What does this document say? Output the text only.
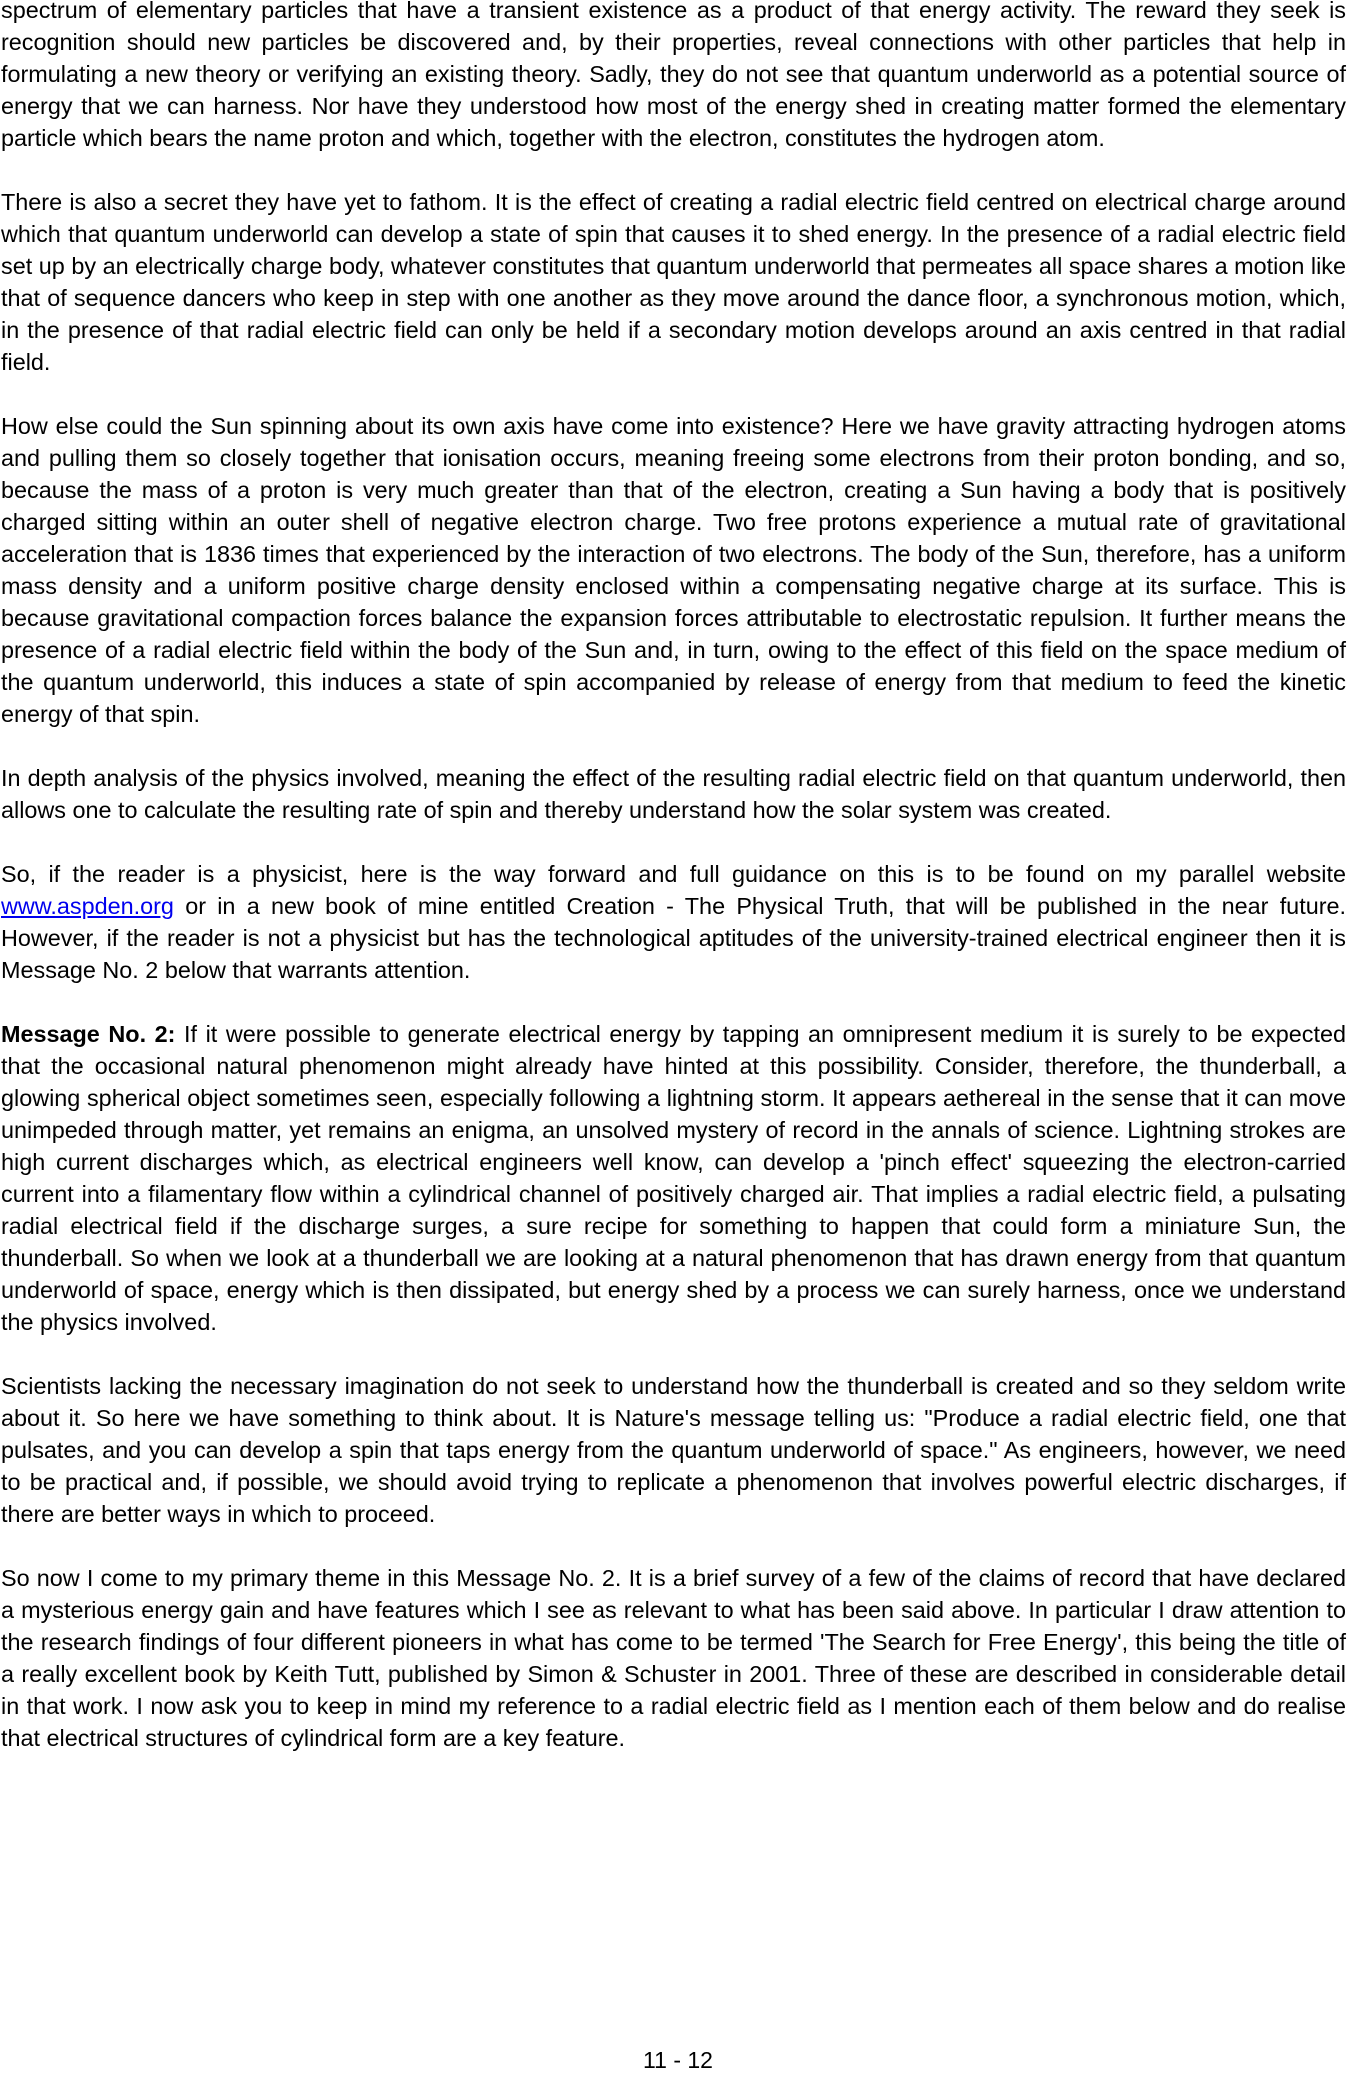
spectrum of elementary particles that have a transient existence as a product of that energy activity. The reward they seek is recognition should new particles be discovered and, by their properties, reveal connections with other particles that help in formulating a new theory or verifying an existing theory. Sadly, they do not see that quantum underworld as a potential source of energy that we can harness. Nor have they understood how most of the energy shed in creating matter formed the elementary particle which bears the name proton and which, together with the electron, constitutes the hydrogen atom.

There is also a secret they have yet to fathom. It is the effect of creating a radial electric field centred on electrical charge around which that quantum underworld can develop a state of spin that causes it to shed energy. In the presence of a radial electric field set up by an electrically charge body, whatever constitutes that quantum underworld that permeates all space shares a motion like that of sequence dancers who keep in step with one another as they move around the dance floor, a synchronous motion, which, in the presence of that radial electric field can only be held if a secondary motion develops around an axis centred in that radial field.

How else could the Sun spinning about its own axis have come into existence? Here we have gravity attracting hydrogen atoms and pulling them so closely together that ionisation occurs, meaning freeing some electrons from their proton bonding, and so, because the mass of a proton is very much greater than that of the electron, creating a Sun having a body that is positively charged sitting within an outer shell of negative electron charge. Two free protons experience a mutual rate of gravitational acceleration that is 1836 times that experienced by the interaction of two electrons. The body of the Sun, therefore, has a uniform mass density and a uniform positive charge density enclosed within a compensating negative charge at its surface. This is because gravitational compaction forces balance the expansion forces attributable to electrostatic repulsion. It further means the presence of a radial electric field within the body of the Sun and, in turn, owing to the effect of this field on the space medium of the quantum underworld, this induces a state of spin accompanied by release of energy from that medium to feed the kinetic energy of that spin.

In depth analysis of the physics involved, meaning the effect of the resulting radial electric field on that quantum underworld, then allows one to calculate the resulting rate of spin and thereby understand how the solar system was created.

So, if the reader is a physicist, here is the way forward and full guidance on this is to be found on my parallel website www.aspden.org or in a new book of mine entitled Creation - The Physical Truth, that will be published in the near future. However, if the reader is not a physicist but has the technological aptitudes of the university-trained electrical engineer then it is Message No. 2 below that warrants attention.

Message No. 2: If it were possible to generate electrical energy by tapping an omnipresent medium it is surely to be expected that the occasional natural phenomenon might already have hinted at this possibility. Consider, therefore, the thunderball, a glowing spherical object sometimes seen, especially following a lightning storm. It appears aethereal in the sense that it can move unimpeded through matter, yet remains an enigma, an unsolved mystery of record in the annals of science. Lightning strokes are high current discharges which, as electrical engineers well know, can develop a 'pinch effect' squeezing the electron-carried current into a filamentary flow within a cylindrical channel of positively charged air. That implies a radial electric field, a pulsating radial electrical field if the discharge surges, a sure recipe for something to happen that could form a miniature Sun, the thunderball. So when we look at a thunderball we are looking at a natural phenomenon that has drawn energy from that quantum underworld of space, energy which is then dissipated, but energy shed by a process we can surely harness, once we understand the physics involved.

Scientists lacking the necessary imagination do not seek to understand how the thunderball is created and so they seldom write about it. So here we have something to think about. It is Nature's message telling us: "Produce a radial electric field, one that pulsates, and you can develop a spin that taps energy from the quantum underworld of space." As engineers, however, we need to be practical and, if possible, we should avoid trying to replicate a phenomenon that involves powerful electric discharges, if there are better ways in which to proceed.

So now I come to my primary theme in this Message No. 2. It is a brief survey of a few of the claims of record that have declared a mysterious energy gain and have features which I see as relevant to what has been said above. In particular I draw attention to the research findings of four different pioneers in what has come to be termed 'The Search for Free Energy', this being the title of a really excellent book by Keith Tutt, published by Simon & Schuster in 2001. Three of these are described in considerable detail in that work. I now ask you to keep in mind my reference to a radial electric field as I mention each of them below and do realise that electrical structures of cylindrical form are a key feature.

11 - 12
